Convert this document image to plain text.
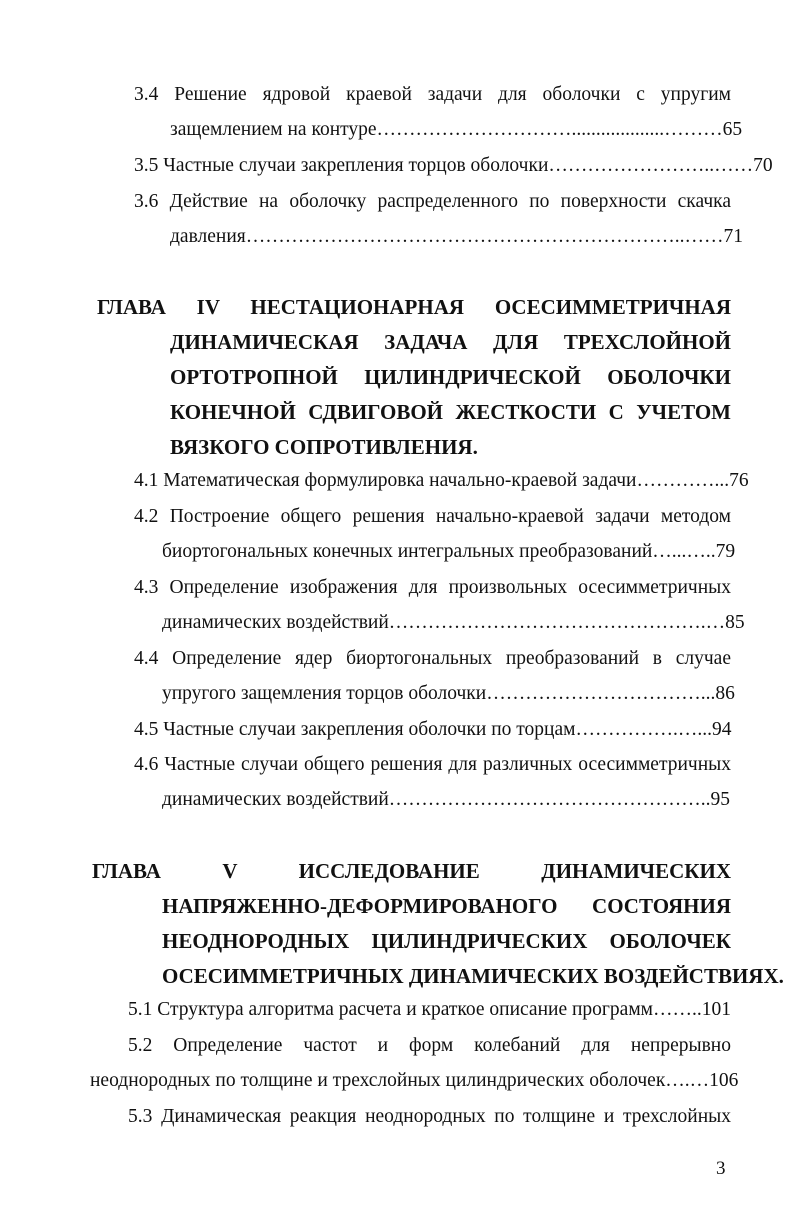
3.4 Решение ядровой краевой задачи для оболочки с упругим

защемлением на контуре…………………………...................………65

3.5 Частные случаи закрепления торцов оболочки……………………..……70

3.6 Действие на оболочку распределенного по поверхности скачка

давления…………………………………………………………..……71

ГЛАВА IV НЕСТАЦИОНАРНАЯ ОСЕСИММЕТРИЧНАЯ

ДИНАМИЧЕСКАЯ ЗАДАЧА ДЛЯ ТРЕХСЛОЙНОЙ

ОРТОТРОПНОЙ ЦИЛИНДРИЧЕСКОЙ ОБОЛОЧКИ

КОНЕЧНОЙ СДВИГОВОЙ ЖЕСТКОСТИ С УЧЕТОМ

ВЯЗКОГО СОПРОТИВЛЕНИЯ.

4.1 Математическая формулировка начально-краевой задачи…………...76

4.2 Построение общего решения начально-краевой задачи методом

биортогональных конечных интегральных преобразований…...…..79

4.3 Определение изображения для произвольных осесимметричных

динамических воздействий………………………………………….…85

4.4 Определение ядер биортогональных преобразований в случае

упругого защемления торцов оболочки……………………………...86

4.5 Частные случаи закрепления оболочки по торцам…………….…...94

4.6 Частные случаи общего решения для различных осесимметричных

динамических воздействий…………………………………………..95

ГЛАВА V ИССЛЕДОВАНИЕ ДИНАМИЧЕСКИХ

НАПРЯЖЕННО-ДЕФОРМИРОВАНОГО СОСТОЯНИЯ

НЕОДНОРОДНЫХ ЦИЛИНДРИЧЕСКИХ ОБОЛОЧЕК

ОСЕСИММЕТРИЧНЫХ ДИНАМИЧЕСКИХ ВОЗДЕЙСТВИЯХ.

5.1 Структура алгоритма расчета и краткое описание программ……..101

5.2 Определение частот и форм колебаний для непрерывно

неоднородных по толщине и трехслойных цилиндрических оболочек….…106

5.3 Динамическая реакция неоднородных по толщине и трехслойных

3
